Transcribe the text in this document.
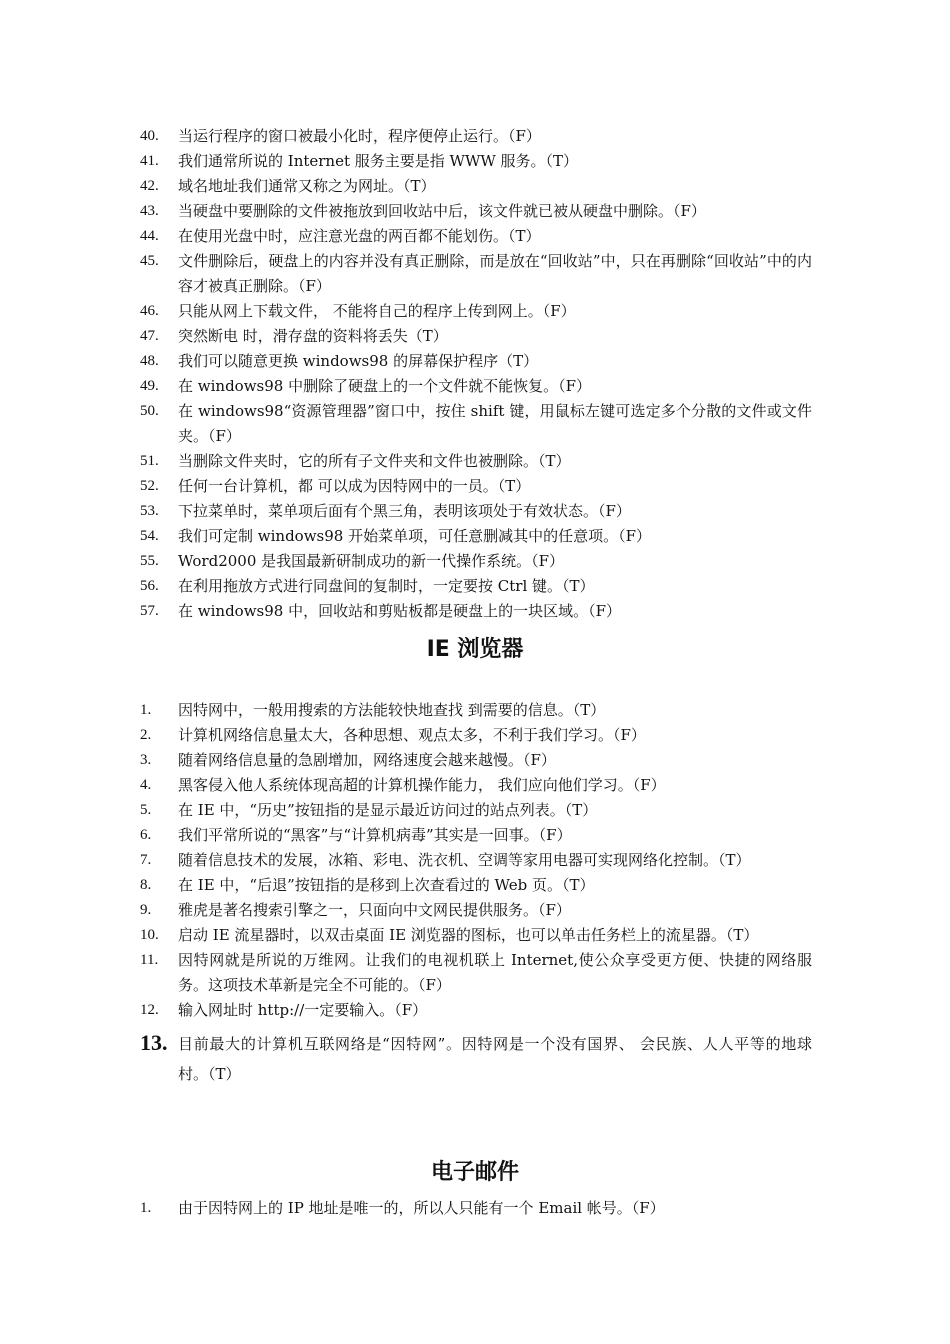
40.	当运行程序的窗口被最小化时，程序便停止运行。（F）
41.	我们通常所说的 Internet 服务主要是指 WWW 服务。（T）
42.	域名地址我们通常又称之为网址。（T）
43.	当硬盘中要删除的文件被拖放到回收站中后，该文件就已被从硬盘中删除。（F）
44.	在使用光盘中时，应注意光盘的两百都不能划伤。（T）
45.	文件删除后，硬盘上的内容并没有真正删除，而是放在“回收站”中，只在再删除“回收站”中的内容才被真正删除。（F）
46.	只能从网上下载文件， 不能将自己的程序上传到网上。（F）
47.	突然断电 时，滑存盘的资料将丢失（T）
48.	我们可以随意更换 windows98 的屏幕保护程序（T）
49.	在 windows98 中删除了硬盘上的一个文件就不能恢复。（F）
50.	在 windows98“资源管理器”窗口中，按住 shift 键，用鼠标左键可选定多个分散的文件或文件夹。（F）
51.	当删除文件夹时，它的所有子文件夹和文件也被删除。（T）
52.	任何一台计算机，都 可以成为因特网中的一员。（T）
53.	下拉菜单时，菜单项后面有个黑三角，表明该项处于有效状态。（F）
54.	我们可定制 windows98 开始菜单项，可任意删减其中的任意项。（F）
55.	Word2000 是我国最新研制成功的新一代操作系统。（F）
56.	在利用拖放方式进行同盘间的复制时，一定要按 Ctrl 键。（T）
57.	在 windows98 中，回收站和剪贴板都是硬盘上的一块区域。（F）
IE 浏览器
1.	因特网中，一般用搜索的方法能较快地查找 到需要的信息。（T）
2.	计算机网络信息量太大，各种思想、观点太多，不利于我们学习。（F）
3.	随着网络信息量的急剧增加，网络速度会越来越慢。（F）
4.	黑客侵入他人系统体现高超的计算机操作能力， 我们应向他们学习。（F）
5.	在 IE 中，“历史”按钮指的是显示最近访问过的站点列表。（T）
6.	我们平常所说的“黑客”与“计算机病毒”其实是一回事。（F）
7.	随着信息技术的发展，冰箱、彩电、洗衣机、空调等家用电器可实现网络化控制。（T）
8.	在 IE 中，“后退”按钮指的是移到上次查看过的 Web 页。（T）
9.	雅虎是著名搜索引擎之一，只面向中文网民提供服务。（F）
10.	启动 IE 流星器时，以双击桌面 IE 浏览器的图标，也可以单击任务栏上的流星器。（T）
11.	因特网就是所说的万维网。让我们的电视机联上 Internet,使公众享受更方便、快捷的网络服务。这项技术革新是完全不可能的。（F）
12.	输入网址时 http://一定要输入。（F）
13. 目前最大的计算机互联网络是“因特网”。因特网是一个没有国界、 会民族、人人平等的地球村。（T）
电子邮件
1.	由于因特网上的 IP 地址是唯一的，所以人只能有一个 Email 帐号。（F）
